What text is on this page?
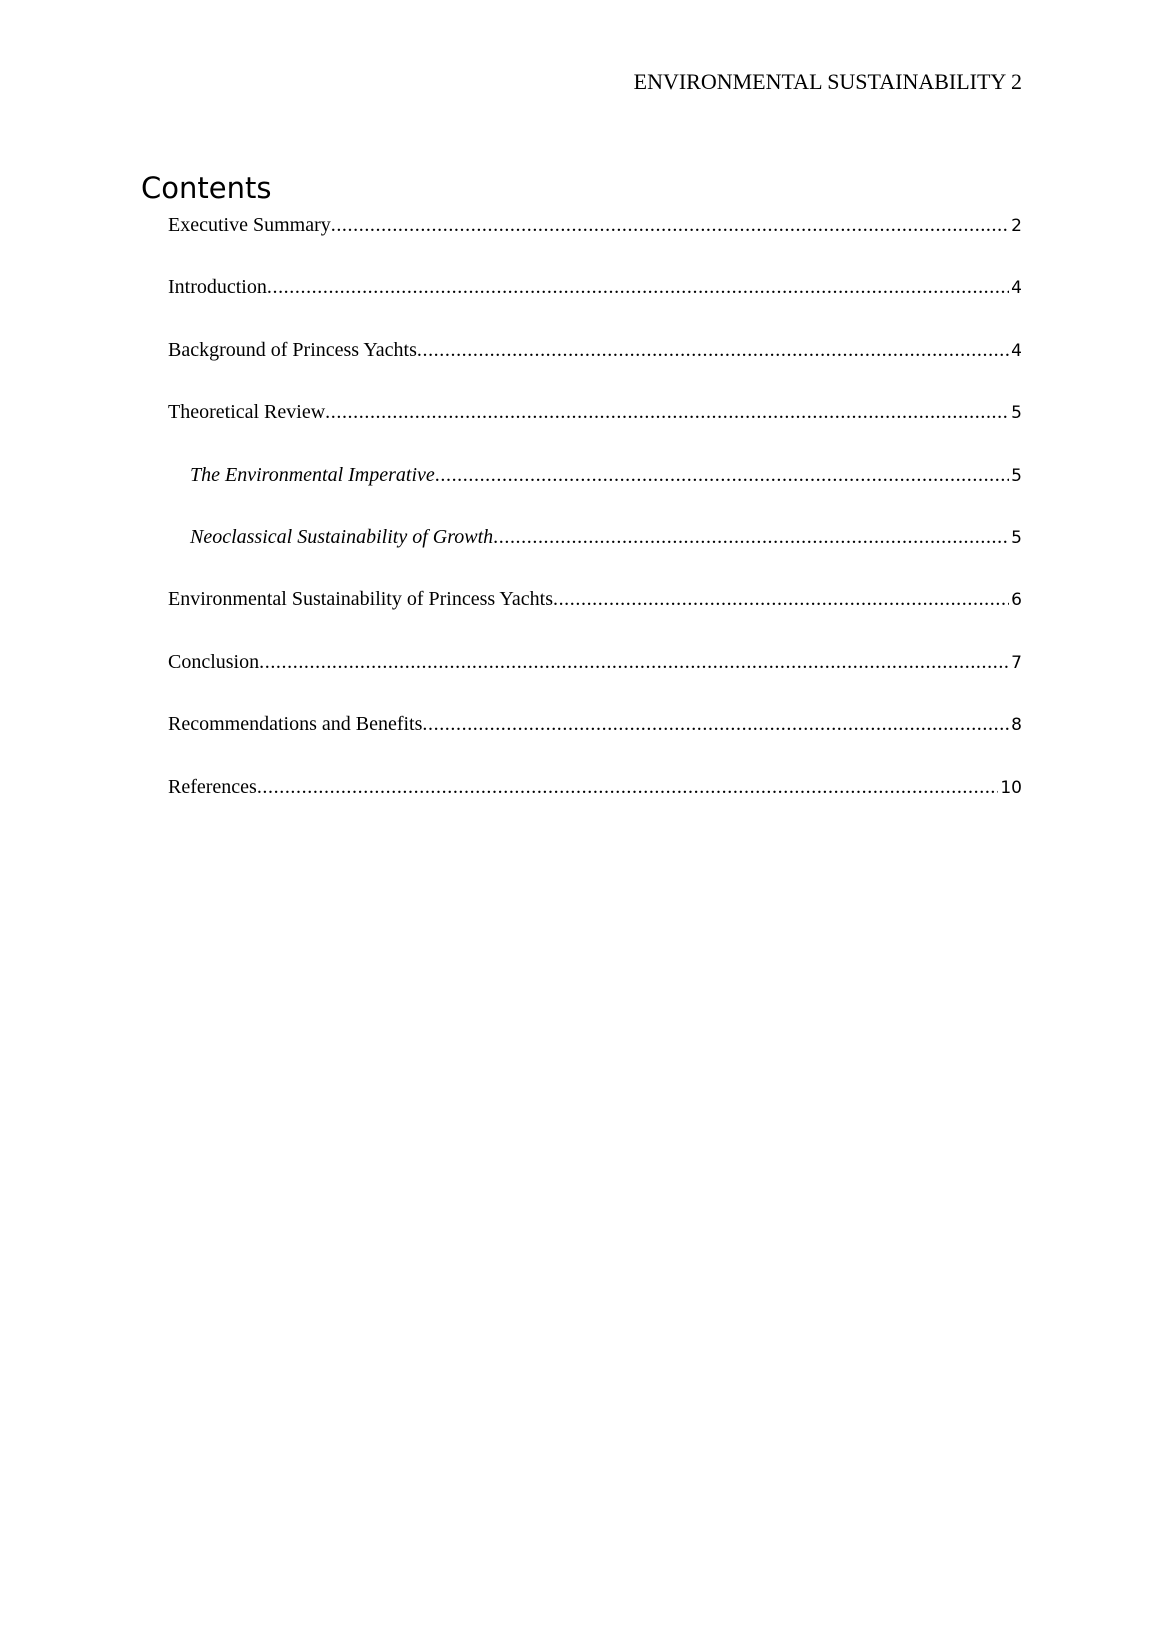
ENVIRONMENTAL SUSTAINABILITY 2
Contents
Executive Summary .....	2
Introduction .....	4
Background of Princess Yachts .....	4
Theoretical Review .....	5
The Environmental Imperative .....	5
Neoclassical Sustainability of Growth .....	5
Environmental Sustainability of Princess Yachts .....	6
Conclusion .....	7
Recommendations and Benefits .....	8
References .....	10
